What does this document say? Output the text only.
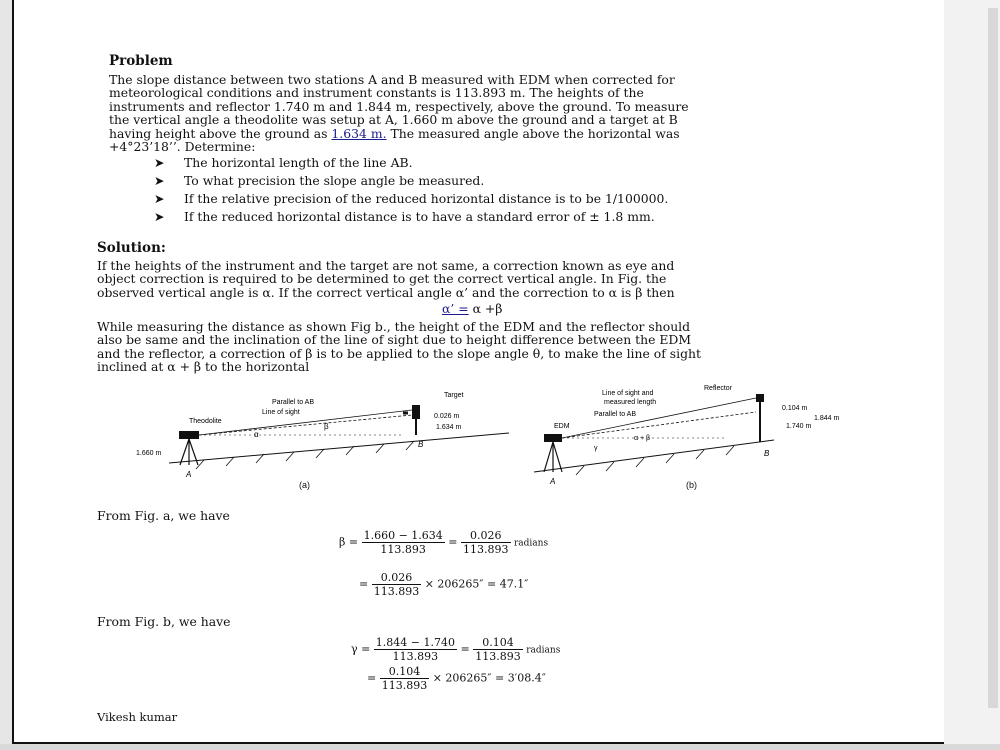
Problem
The slope distance between two stations A and B measured with EDM when corrected for
meteorological conditions and instrument constants is 113.893 m. The heights of the
instruments and reflector 1.740 m and 1.844 m, respectively, above the ground. To measure
the vertical angle a theodolite was setup at A, 1.660 m above the ground and a target at B
having height above the ground as 1.634 m. The measured angle above the horizontal was
+4°23’18’’. Determine:
➤ The horizontal length of the line AB.
➤ To what precision the slope angle be measured.
➤ If the relative precision of the reduced horizontal distance is to be 1/100000.
➤ If the reduced horizontal distance is to have a standard error of ± 1.8 mm.
Solution:
If the heights of the instrument and the target are not same, a correction known as eye and
object correction is required to be determined to get the correct vertical angle. In Fig. the
observed vertical angle is α. If the correct vertical angle α’ and the correction to α is β then
α’ = α +β
While measuring the distance as shown Fig b., the height of the EDM and the reflector should
also be same and the inclination of the line of sight due to height difference between the EDM
and the reflector, a correction of β is to be applied to the slope angle θ, to make the line of sight
inclined at α + β to the horizontal
Parallel to AB
Line of sight
Theodolite
Target
0.026 m
1.634 m
1.660 m
A
B
β
α
(a)
Line of sight and
measured length
Reflector
Parallel to AB
EDM
0.104 m
1.844 m
1.740 m
α + β
γ
A
B
(b)
From Fig. a, we have
$\beta = \frac{1.660 - 1.634}{113.893} = \frac{0.026}{113.893}$ radians
= $\frac{0.026}{113.893} \times 206265'' = 47.1''$
From Fig. b, we have
$\gamma = \frac{1.844 - 1.740}{113.893} = \frac{0.104}{113.893}$ radians
= $\frac{0.104}{113.893} \times 206265'' = 3'08.4''$
Vikesh kumar
